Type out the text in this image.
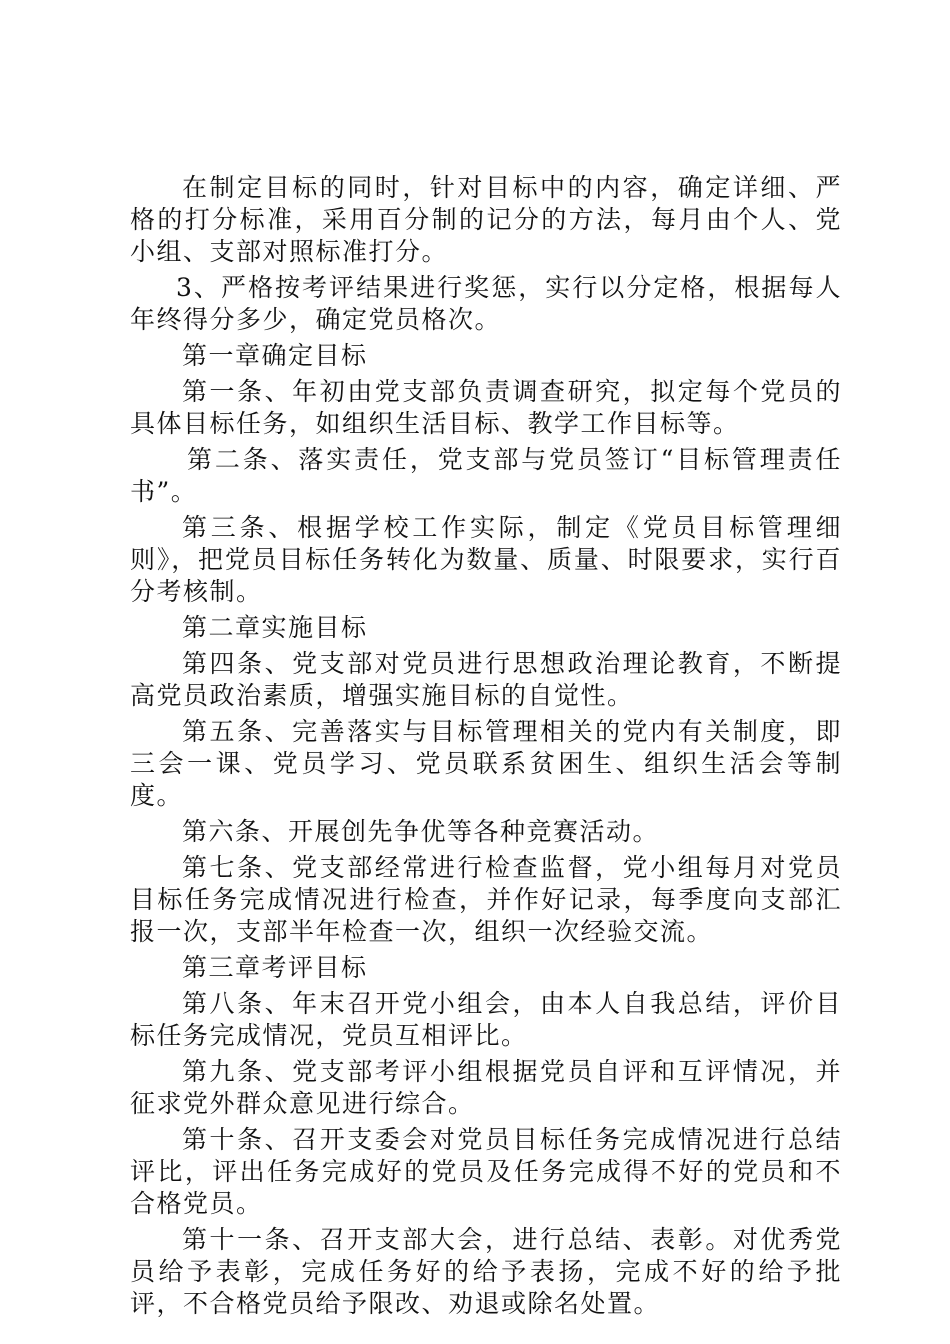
在制定目标的同时，针对目标中的内容，确定详细、严格的打分标准，采用百分制的记分的方法，每月由个人、党小组、支部对照标准打分。

3、严格按考评结果进行奖惩，实行以分定格，根据每人年终得分多少，确定党员格次。

第一章确定目标

第一条、年初由党支部负责调查研究，拟定每个党员的具体目标任务，如组织生活目标、教学工作目标等。

第二条、落实责任，党支部与党员签订“目标管理责任书”。

第三条、根据学校工作实际，制定《党员目标管理细则》，把党员目标任务转化为数量、质量、时限要求，实行百分考核制。

第二章实施目标

第四条、党支部对党员进行思想政治理论教育，不断提高党员政治素质，增强实施目标的自觉性。

第五条、完善落实与目标管理相关的党内有关制度，即三会一课、党员学习、党员联系贫困生、组织生活会等制度。

第六条、开展创先争优等各种竞赛活动。

第七条、党支部经常进行检查监督，党小组每月对党员目标任务完成情况进行检查，并作好记录，每季度向支部汇报一次，支部半年检查一次，组织一次经验交流。

第三章考评目标

第八条、年末召开党小组会，由本人自我总结，评价目标任务完成情况，党员互相评比。

第九条、党支部考评小组根据党员自评和互评情况，并征求党外群众意见进行综合。

第十条、召开支委会对党员目标任务完成情况进行总结评比，评出任务完成好的党员及任务完成得不好的党员和不合格党员。

第十一条、召开支部大会，进行总结、表彰。对优秀党员给予表彰，完成任务好的给予表扬，完成不好的给予批评，不合格党员给予限改、劝退或除名处置。
